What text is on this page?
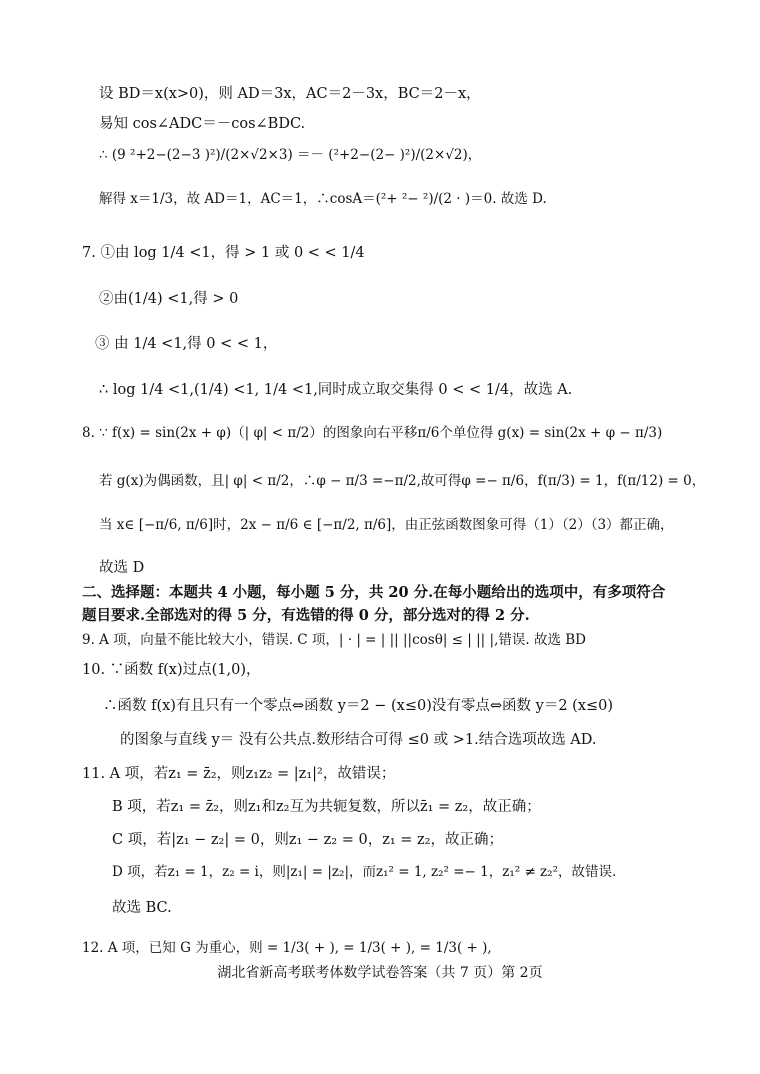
设 BD＝x(x>0)，则 AD＝3x，AC＝2－3x，BC＝2－x，
易知 cos∠ADC＝－cos∠BDC.
∴ (9 ²+2−(2−3 )²)/(2×√2×3) ＝－ (²+2−(2− )²)/(2×√2)，
解得 x＝1/3，故 AD＝1，AC＝1，∴cosA＝(²+ ²− ²)/(2 · )＝0. 故选 D.
7. ①由 log 1/4 <1，得 > 1 或 0 < < 1/4
②由(1/4) <1,得 > 0
③ 由 1/4 <1,得 0 < < 1，
∴ log 1/4 <1,(1/4) <1, 1/4 <1,同时成立取交集得 0 < < 1/4，故选 A.
8. ∵ f(x) = sin(2x + φ)（| φ| < π/2）的图象向右平移π/6个单位得 g(x) = sin(2x + φ − π/3)
若 g(x)为偶函数，且| φ| < π/2，∴φ − π/3 =−π/2,故可得φ =− π/6，f(π/3) = 1，f(π/12) = 0，
当 x∈ [−π/6, π/6]时，2x − π/6 ∈ [−π/2, π/6]，由正弦函数图象可得（1）（2）（3）都正确，
故选 D
二、选择题：本题共 4 小题，每小题 5 分，共 20 分.在每小题给出的选项中，有多项符合
题目要求.全部选对的得 5 分，有选错的得 0 分，部分选对的得 2 分.
9. A 项，向量不能比较大小，错误. C 项，| · | = | || ||cosθ| ≤ | || |,错误. 故选 BD
10. ∵函数 f(x)过点(1,0)，
∴函数 f(x)有且只有一个零点⇔函数 y＝2 − (x≤0)没有零点⇔函数 y＝2 (x≤0)
的图象与直线 y＝ 没有公共点.数形结合可得 ≤0 或 >1.结合选项故选 AD.
11. A 项，若z₁ = z̄₂，则z₁z₂ = |z₁|²，故错误；
B 项，若z₁ = z̄₂，则z₁和z₂互为共轭复数，所以z̄₁ = z₂，故正确；
C 项，若|z₁ − z₂| = 0，则z₁ − z₂ = 0，z₁ = z₂，故正确；
D 项，若z₁ = 1，z₂ = i，则|z₁| = |z₂|，而z₁² = 1, z₂² =− 1，z₁² ≠ z₂²，故错误.
故选 BC.
12. A 项，已知 G 为重心，则 = 1/3( + ), = 1/3( + ), = 1/3( + ),
湖北省新高考联考体数学试卷答案（共 7 页）第 2页
